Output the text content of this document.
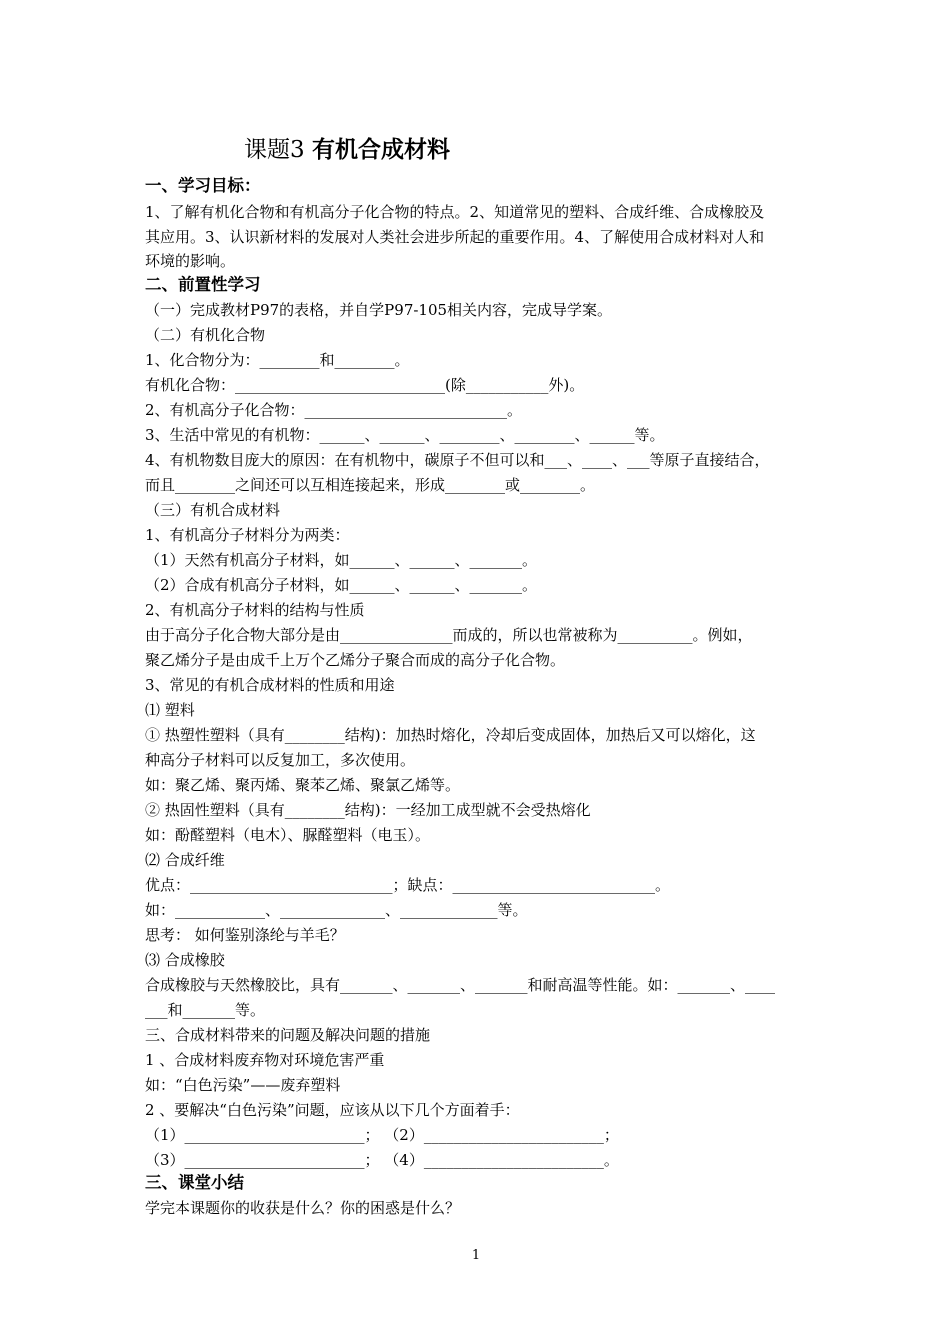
课题3 有机合成材料
一、学习目标：
1、了解有机化合物和有机高分子化合物的特点。2、知道常见的塑料、合成纤维、合成橡胶及
其应用。3、认识新材料的发展对人类社会进步所起的重要作用。4、了解使用合成材料对人和
环境的影响。
二、前置性学习
（一）完成教材P97的表格，并自学P97-105相关内容，完成导学案。
（二）有机化合物
1、化合物分为：________和________。
有机化合物：____________________________(除___________外)。
2、有机高分子化合物：___________________________。
3、生活中常见的有机物：______、______、________、________、______等。
4、有机物数目庞大的原因：在有机物中，碳原子不但可以和___、____、___等原子直接结合，
而且________之间还可以互相连接起来，形成________或________。
（三）有机合成材料
1、有机高分子材料分为两类：
（1）天然有机高分子材料，如______、______、_______。
（2）合成有机高分子材料，如______、______、_______。
2、有机高分子材料的结构与性质
由于高分子化合物大部分是由_______________而成的，所以也常被称为__________。例如，
聚乙烯分子是由成千上万个乙烯分子聚合而成的高分子化合物。
3、常见的有机合成材料的性质和用途
⑴ 塑料
① 热塑性塑料（具有________结构)：加热时熔化，冷却后变成固体，加热后又可以熔化，这
种高分子材料可以反复加工，多次使用。
如：聚乙烯、聚丙烯、聚苯乙烯、聚氯乙烯等。
② 热固性塑料（具有________结构)：一经加工成型就不会受热熔化
如：酚醛塑料（电木）、脲醛塑料（电玉）。
⑵ 合成纤维
优点：___________________________；缺点：___________________________。
如：____________、______________、_____________等。
思考： 如何鉴别涤纶与羊毛？
⑶ 合成橡胶
合成橡胶与天然橡胶比，具有_______、_______、_______和耐高温等性能。如：_______、____
___和_______等。
三、合成材料带来的问题及解决问题的措施
1 、合成材料废弃物对环境危害严重
如：“白色污染”——废弃塑料
2 、要解决“白色污染”问题，应该从以下几个方面着手：
（1）________________________； （2）________________________；
（3）________________________； （4）________________________。
三、课堂小结
学完本课题你的收获是什么？你的困惑是什么？
1
